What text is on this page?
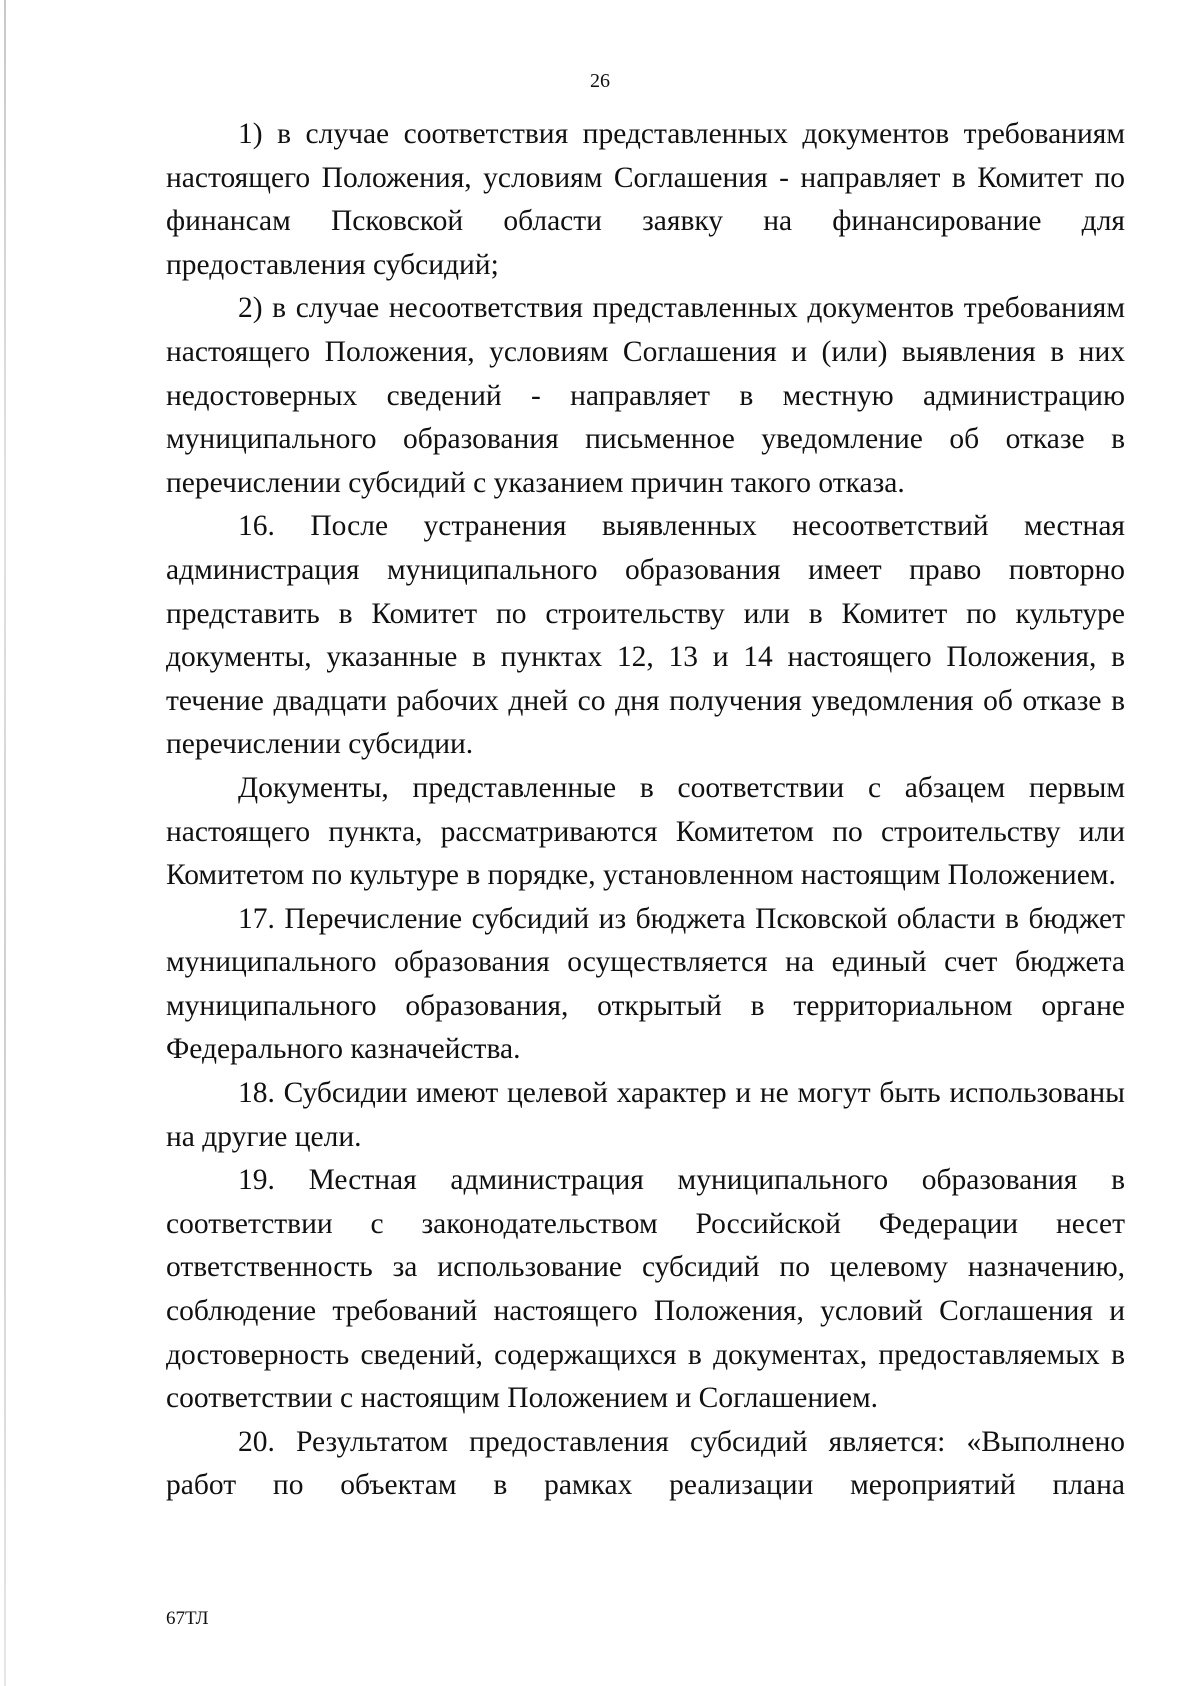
26

1) в случае соответствия представленных документов требованиям настоящего Положения, условиям Соглашения - направляет в Комитет по финансам Псковской области заявку на финансирование для предоставления субсидий;

2) в случае несоответствия представленных документов требованиям настоящего Положения, условиям Соглашения и (или) выявления в них недостоверных сведений - направляет в местную администрацию муниципального образования письменное уведомление об отказе в перечислении субсидий с указанием причин такого отказа.

16. После устранения выявленных несоответствий местная администрация муниципального образования имеет право повторно представить в Комитет по строительству или в Комитет по культуре документы, указанные в пунктах 12, 13 и 14 настоящего Положения, в течение двадцати рабочих дней со дня получения уведомления об отказе в перечислении субсидии.

Документы, представленные в соответствии с абзацем первым настоящего пункта, рассматриваются Комитетом по строительству или Комитетом по культуре в порядке, установленном настоящим Положением.

17. Перечисление субсидий из бюджета Псковской области в бюджет муниципального образования осуществляется на единый счет бюджета муниципального образования, открытый в территориальном органе Федерального казначейства.

18. Субсидии имеют целевой характер и не могут быть использованы на другие цели.

19. Местная администрация муниципального образования в соответствии с законодательством Российской Федерации несет ответственность за использование субсидий по целевому назначению, соблюдение требований настоящего Положения, условий Соглашения и достоверность сведений, содержащихся в документах, предоставляемых в соответствии с настоящим Положением и Соглашением.

20. Результатом предоставления субсидий является: «Выполнено работ по объектам в рамках реализации мероприятий плана

67ТЛ
